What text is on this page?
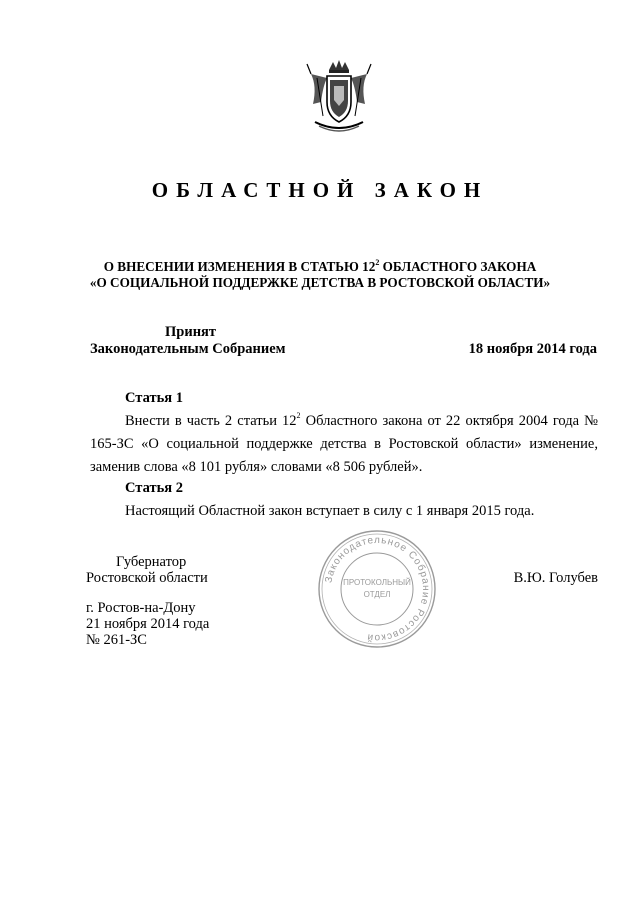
ОБЛАСТНОЙ ЗАКОН
О ВНЕСЕНИИ ИЗМЕНЕНИЯ В СТАТЬЮ $12^2$ ОБЛАСТНОГО ЗАКОНА
«О СОЦИАЛЬНОЙ ПОДДЕРЖКЕ ДЕТСТВА В РОСТОВСКОЙ ОБЛАСТИ»
Принят
Законодательным Собранием	18 ноября 2014 года
Статья 1
Внести в часть 2 статьи $12^2$ Областного закона от 22 октября 2004 года № 165-ЗС «О социальной поддержке детства в Ростовской области» изменение, заменив слова «8 101 рубля» словами «8 506 рублей».
Статья 2
Настоящий Областной закон вступает в силу с 1 января 2015 года.
Губернатор
Ростовской области	В.Ю. Голубев
г. Ростов-на-Дону
21 ноября 2014 года
№ 261-ЗС
Законодательное Собрание Ростовской
ПРОТОКОЛЬНЫЙ
ОТДЕЛ
